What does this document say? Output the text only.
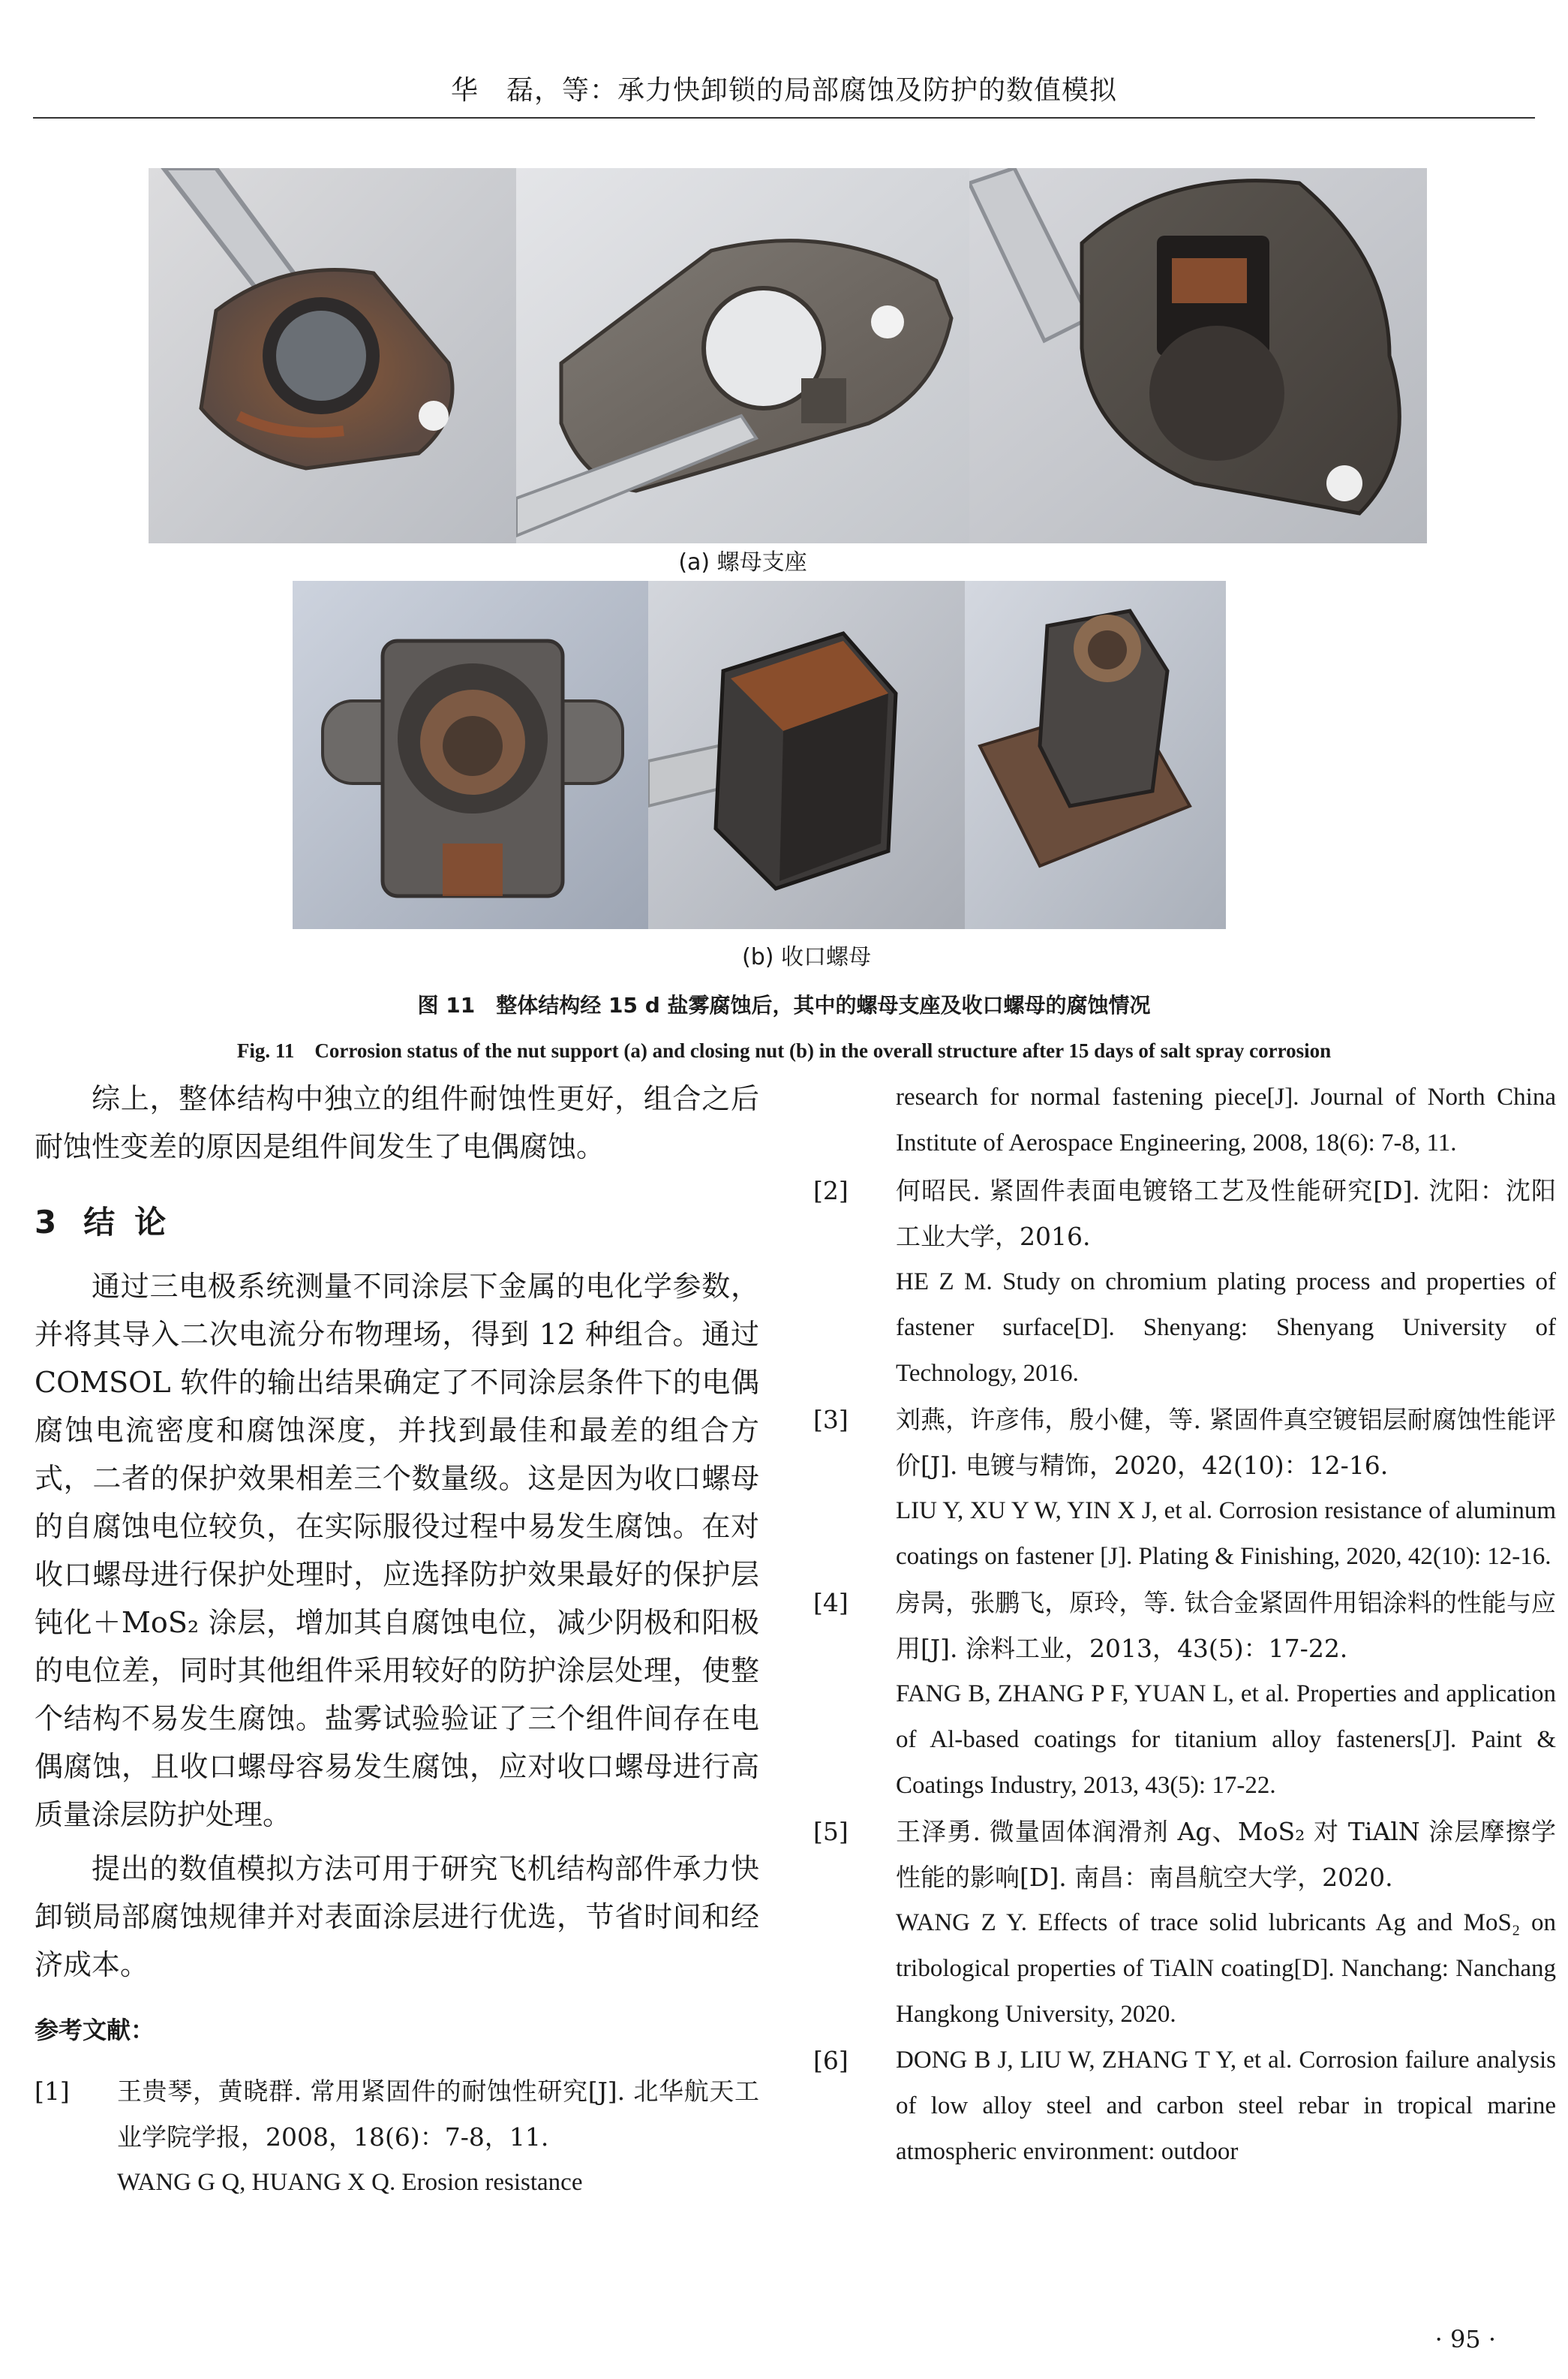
华　磊，等：承力快卸锁的局部腐蚀及防护的数值模拟
(a) 螺母支座
(b) 收口螺母
图 11　整体结构经 15 d 盐雾腐蚀后，其中的螺母支座及收口螺母的腐蚀情况
Fig. 11　Corrosion status of the nut support (a) and closing nut (b) in the overall structure after 15 days of salt spray corrosion

综上，整体结构中独立的组件耐蚀性更好，组合之后耐蚀性变差的原因是组件间发生了电偶腐蚀。

3 结论

通过三电极系统测量不同涂层下金属的电化学参数，并将其导入二次电流分布物理场，得到 12 种组合。通过 COMSOL 软件的输出结果确定了不同涂层条件下的电偶腐蚀电流密度和腐蚀深度，并找到最佳和最差的组合方式，二者的保护效果相差三个数量级。这是因为收口螺母的自腐蚀电位较负，在实际服役过程中易发生腐蚀。在对收口螺母进行保护处理时，应选择防护效果最好的保护层钝化＋MoS₂ 涂层，增加其自腐蚀电位，减少阴极和阳极的电位差，同时其他组件采用较好的防护涂层处理，使整个结构不易发生腐蚀。盐雾试验验证了三个组件间存在电偶腐蚀，且收口螺母容易发生腐蚀，应对收口螺母进行高质量涂层防护处理。

提出的数值模拟方法可用于研究飞机结构部件承力快卸锁局部腐蚀规律并对表面涂层进行优选，节省时间和经济成本。

参考文献：
[1] 王贵琴，黄晓群. 常用紧固件的耐蚀性研究[J]. 北华航天工业学院学报，2008，18(6)：7-8，11.
WANG G Q, HUANG X Q. Erosion resistance
research for normal fastening piece[J]. Journal of North China Institute of Aerospace Engineering, 2008, 18(6): 7-8, 11.
[2] 何昭民. 紧固件表面电镀铬工艺及性能研究[D]. 沈阳：沈阳工业大学，2016.
HE Z M. Study on chromium plating process and properties of fastener surface[D]. Shenyang: Shenyang University of Technology, 2016.
[3] 刘燕，许彦伟，殷小健，等. 紧固件真空镀铝层耐腐蚀性能评价[J]. 电镀与精饰，2020，42(10)：12-16.
LIU Y, XU Y W, YIN X J, et al. Corrosion resistance of aluminum coatings on fastener [J]. Plating & Finishing, 2020, 42(10): 12-16.
[4] 房昺，张鹏飞，原玲，等. 钛合金紧固件用铝涂料的性能与应用[J]. 涂料工业，2013，43(5)：17-22.
FANG B, ZHANG P F, YUAN L, et al. Properties and application of Al-based coatings for titanium alloy fasteners[J]. Paint & Coatings Industry, 2013, 43(5): 17-22.
[5] 王泽勇. 微量固体润滑剂 Ag、MoS₂ 对 TiAlN 涂层摩擦学性能的影响[D]. 南昌：南昌航空大学，2020.
WANG Z Y. Effects of trace solid lubricants Ag and MoS₂ on tribological properties of TiAlN coating[D]. Nanchang: Nanchang Hangkong University, 2020.
[6] DONG B J, LIU W, ZHANG T Y, et al. Corrosion failure analysis of low alloy steel and carbon steel rebar in tropical marine atmospheric environment: outdoor
· 95 ·
